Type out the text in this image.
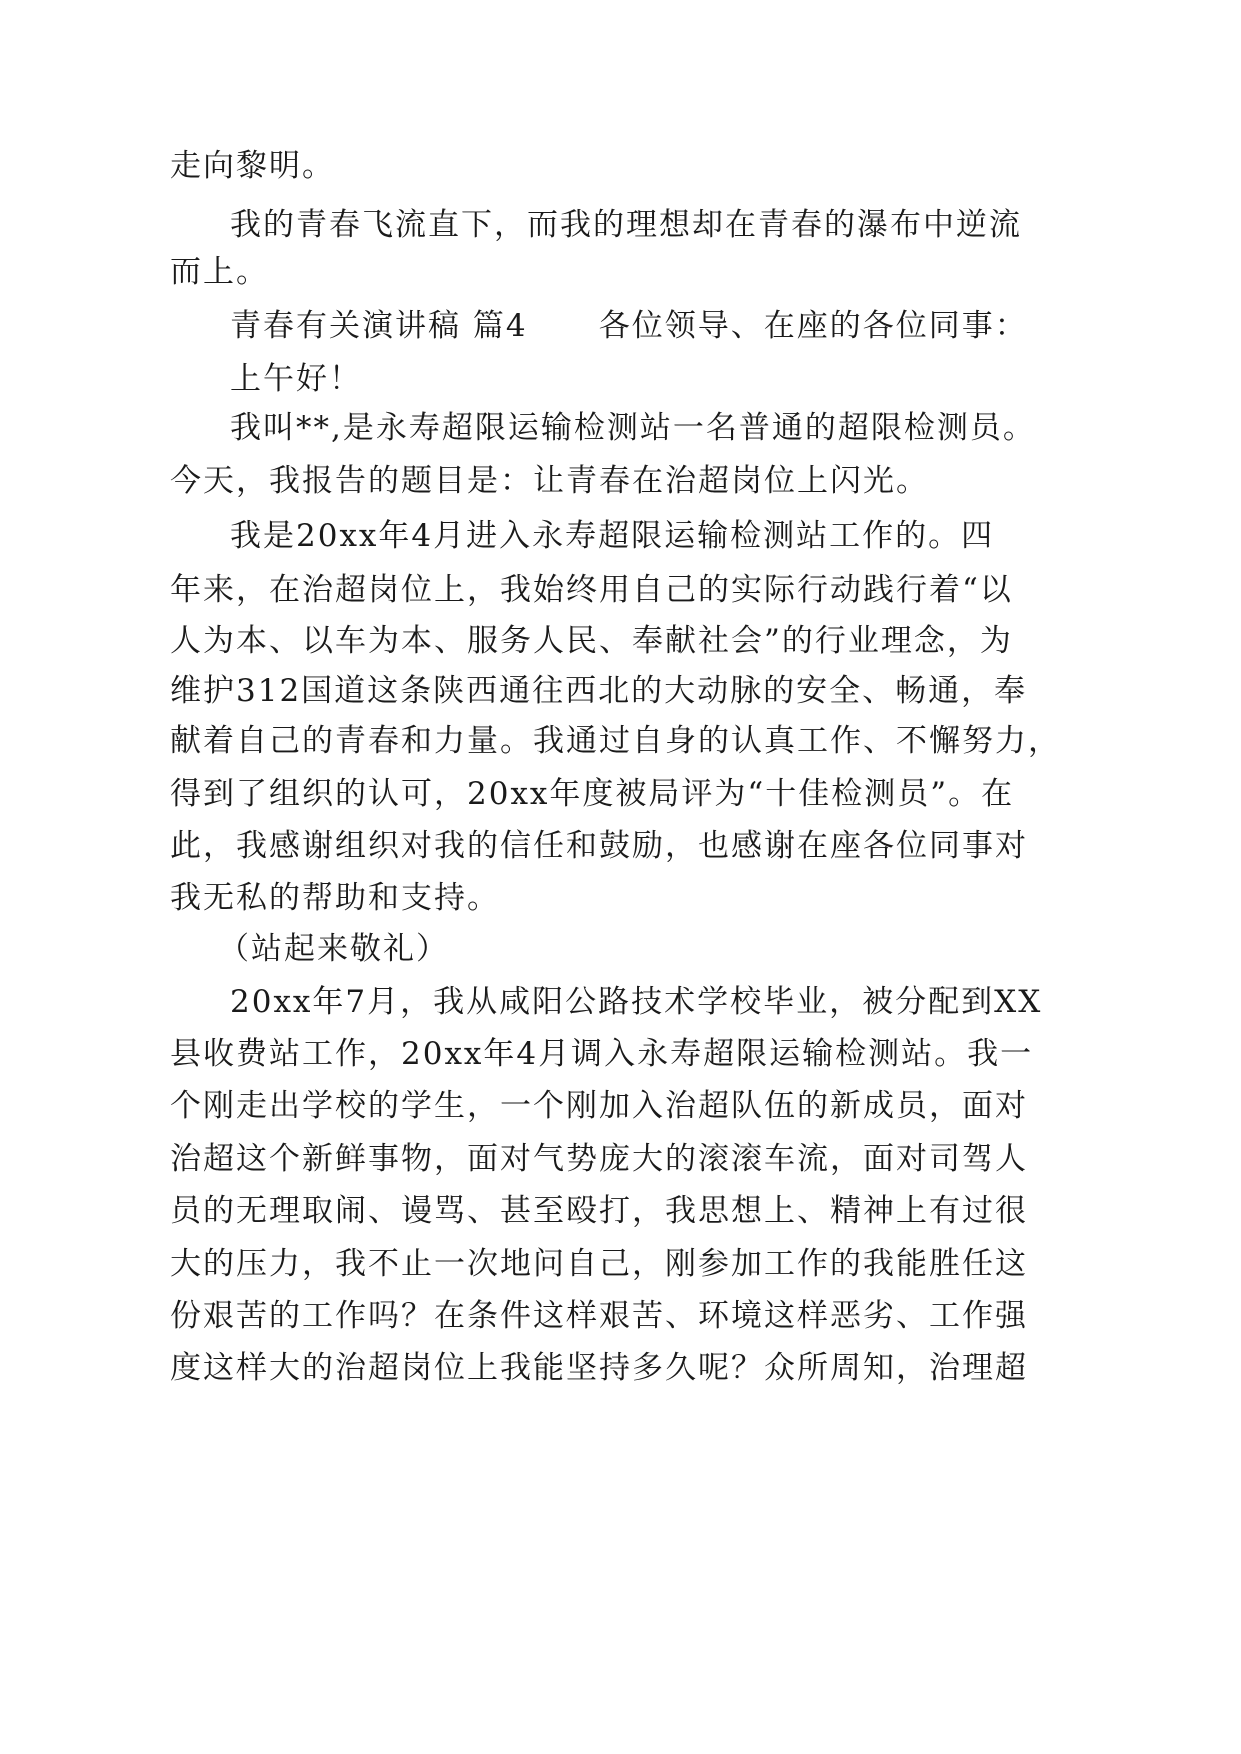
走向黎明。
我的青春飞流直下，而我的理想却在青春的瀑布中逆流
而上。
青春有关演讲稿 篇4      各位领导、在座的各位同事：
上午好！
我叫**,是永寿超限运输检测站一名普通的超限检测员。
今天，我报告的题目是：让青春在治超岗位上闪光。
我是20xx年4月进入永寿超限运输检测站工作的。四
年来，在治超岗位上，我始终用自己的实际行动践行着“以
人为本、以车为本、服务人民、奉献社会”的行业理念，为
维护312国道这条陕西通往西北的大动脉的安全、畅通，奉
献着自己的青春和力量。我通过自身的认真工作、不懈努力，
得到了组织的认可，20xx年度被局评为“十佳检测员”。在
此，我感谢组织对我的信任和鼓励，也感谢在座各位同事对
我无私的帮助和支持。
（站起来敬礼）
20xx年7月，我从咸阳公路技术学校毕业，被分配到XX
县收费站工作，20xx年4月调入永寿超限运输检测站。我一
个刚走出学校的学生，一个刚加入治超队伍的新成员，面对
治超这个新鲜事物，面对气势庞大的滚滚车流，面对司驾人
员的无理取闹、谩骂、甚至殴打，我思想上、精神上有过很
大的压力，我不止一次地问自己，刚参加工作的我能胜任这
份艰苦的工作吗？在条件这样艰苦、环境这样恶劣、工作强
度这样大的治超岗位上我能坚持多久呢？众所周知，治理超
